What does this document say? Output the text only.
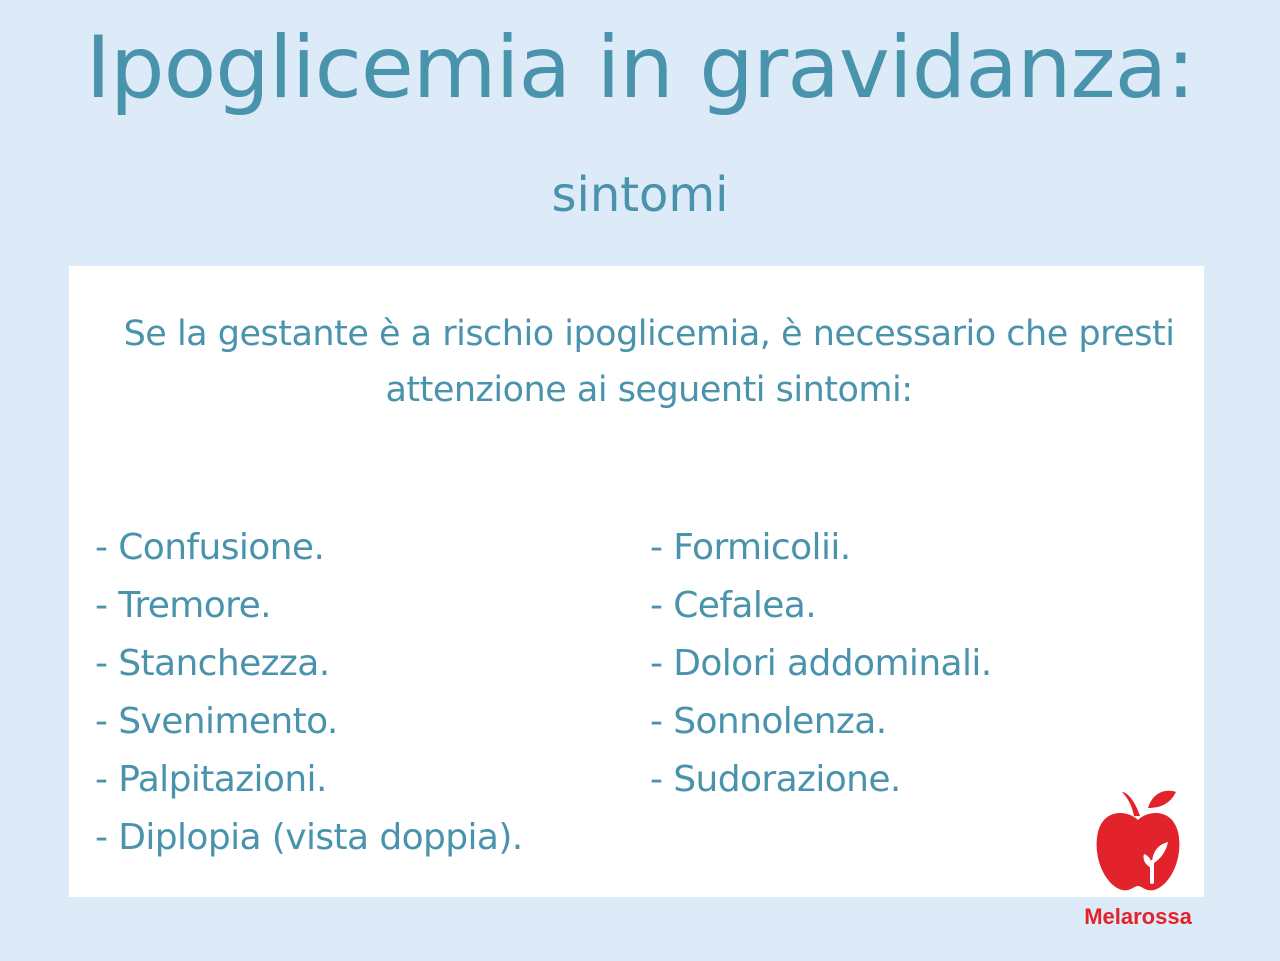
Ipoglicemia in gravidanza:
sintomi
Se la gestante è a rischio ipoglicemia, è necessario che presti attenzione ai seguenti sintomi:
- Confusione.
- Tremore.
- Stanchezza.
- Svenimento.
- Palpitazioni.
- Diplopia (vista doppia).
- Formicolii.
- Cefalea.
- Dolori addominali.
- Sonnolenza.
- Sudorazione.
Melarossa
